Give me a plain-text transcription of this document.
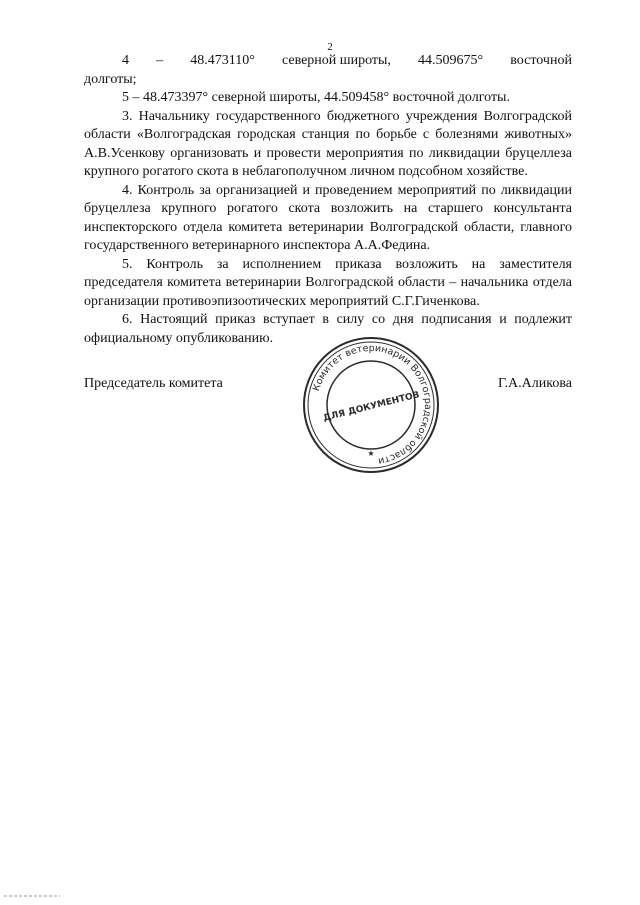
2
4 – 48.473110° северной широты, 44.509675° восточной

долготы;

5 – 48.473397° северной широты, 44.509458° восточной долготы.

3. Начальнику государственного бюджетного учреждения Волгоградской области «Волгоградская городская станция по борьбе с болезнями животных» А.В.Усенкову организовать и провести мероприятия по ликвидации бруцеллеза крупного рогатого скота в неблагополучном личном подсобном хозяйстве.

4. Контроль за организацией и проведением мероприятий по ликвидации бруцеллеза крупного рогатого скота возложить на старшего консультанта инспекторского отдела комитета ветеринарии Волгоградской области, главного государственного ветеринарного инспектора А.А.Федина.

5. Контроль за исполнением приказа возложить на заместителя председателя комитета ветеринарии Волгоградской области – начальника отдела организации противоэпизоотических мероприятий С.Г.Гиченкова.

6. Настоящий приказ вступает в силу со дня подписания и подлежит официальному опубликованию.

Председатель комитета	Г.А.Аликова
Комитет ветеринарии Волгоградской области
ДЛЯ ДОКУМЕНТОВ
★
